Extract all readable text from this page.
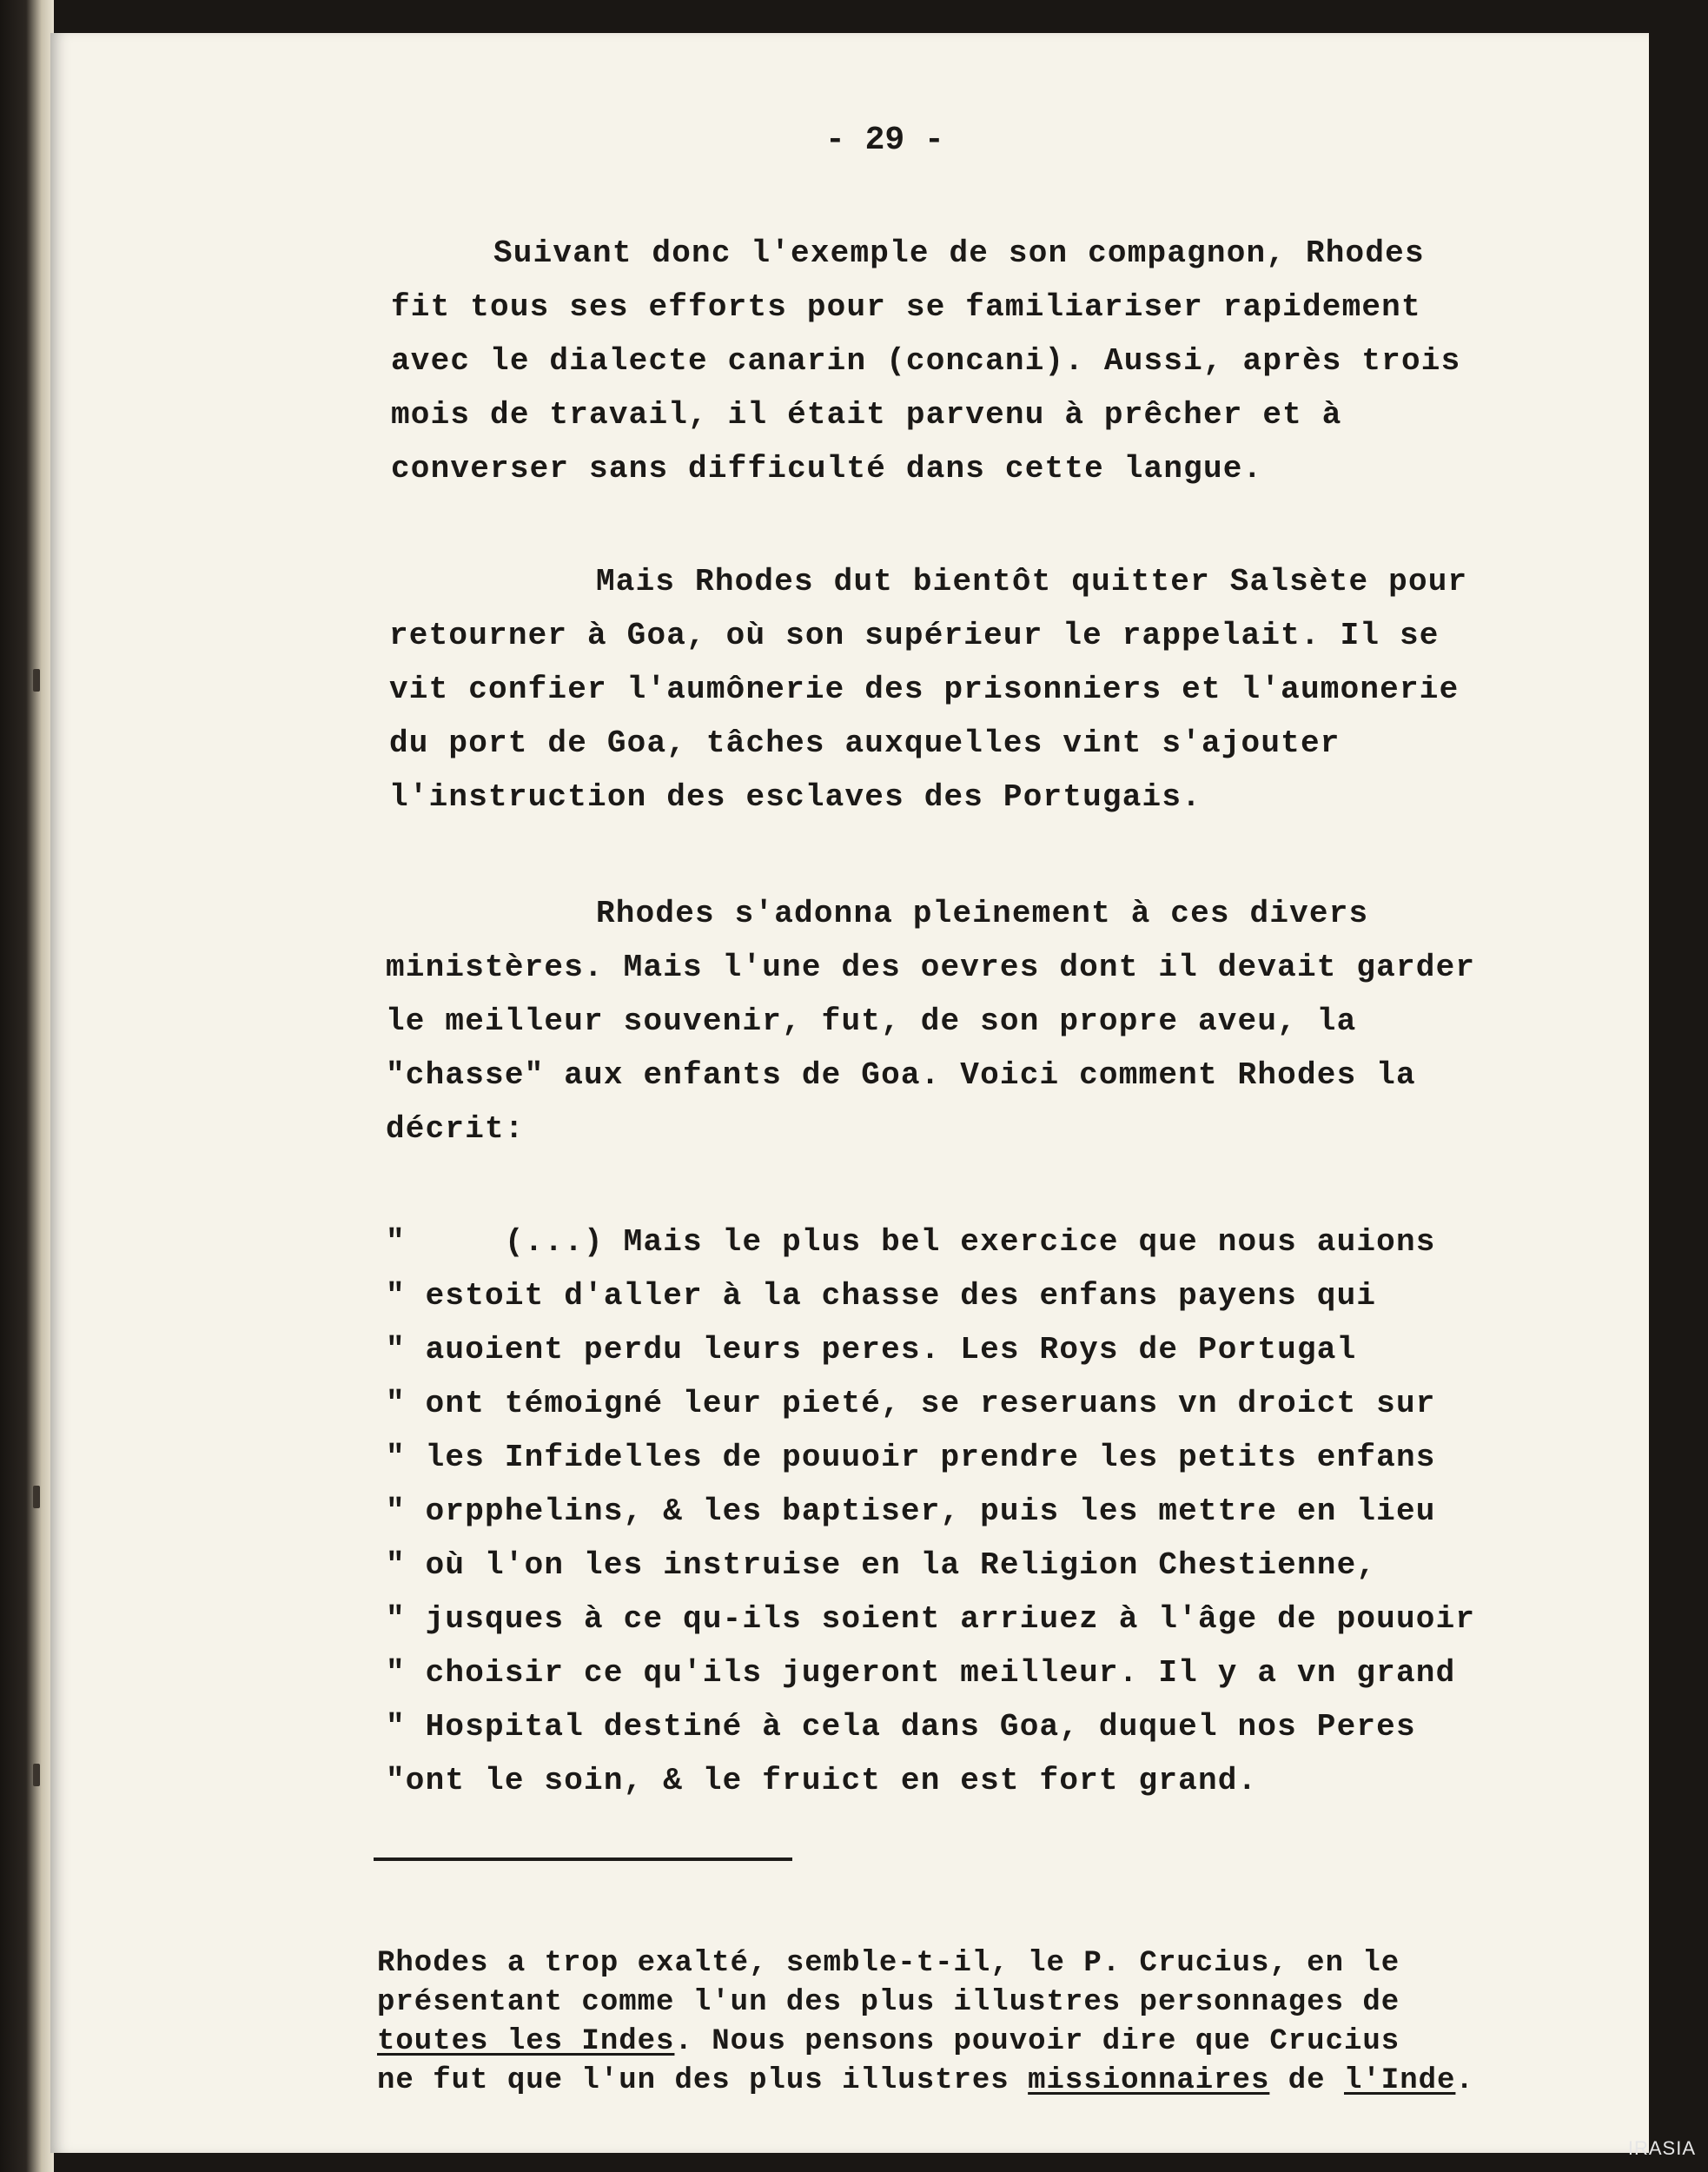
- 29 -

Suivant donc l'exemple de son compagnon, Rhodes

fit tous ses efforts pour se familiariser rapidement

avec le dialecte canarin (concani). Aussi, après trois

mois de travail, il était parvenu à prêcher et à

converser sans difficulté dans cette langue.

Mais Rhodes dut bientôt quitter Salsète pour

retourner à Goa, où son supérieur le rappelait. Il se

vit confier l'aumônerie des prisonniers et l'aumonerie

du port de Goa, tâches auxquelles vint s'ajouter

l'instruction des esclaves des Portugais.

Rhodes s'adonna pleinement à ces divers

ministères. Mais l'une des oevres dont il devait garder

le meilleur souvenir, fut, de son propre aveu, la

"chasse" aux enfants de Goa. Voici comment Rhodes la

décrit:

"     (...) Mais le plus bel exercice que nous auions

" estoit d'aller à la chasse des enfans payens qui

" auoient perdu leurs peres. Les Roys de Portugal

" ont témoigné leur pieté, se reseruans vn droict sur

" les Infidelles de pouuoir prendre les petits enfans

" orpphelins, & les baptiser, puis les mettre en lieu

" où l'on les instruise en la Religion Chestienne,

" jusques à ce qu-ils soient arriuez à l'âge de pouuoir

" choisir ce qu'ils jugeront meilleur. Il y a vn grand

" Hospital destiné à cela dans Goa, duquel nos Peres

"ont le soin, & le fruict en est fort grand.

Rhodes a trop exalté, semble-t-il, le P. Crucius, en le

présentant comme l'un des plus illustres personnages de

toutes les Indes. Nous pensons pouvoir dire que Crucius

ne fut que l'un des plus illustres missionnaires de l'Inde.

IRASIA
